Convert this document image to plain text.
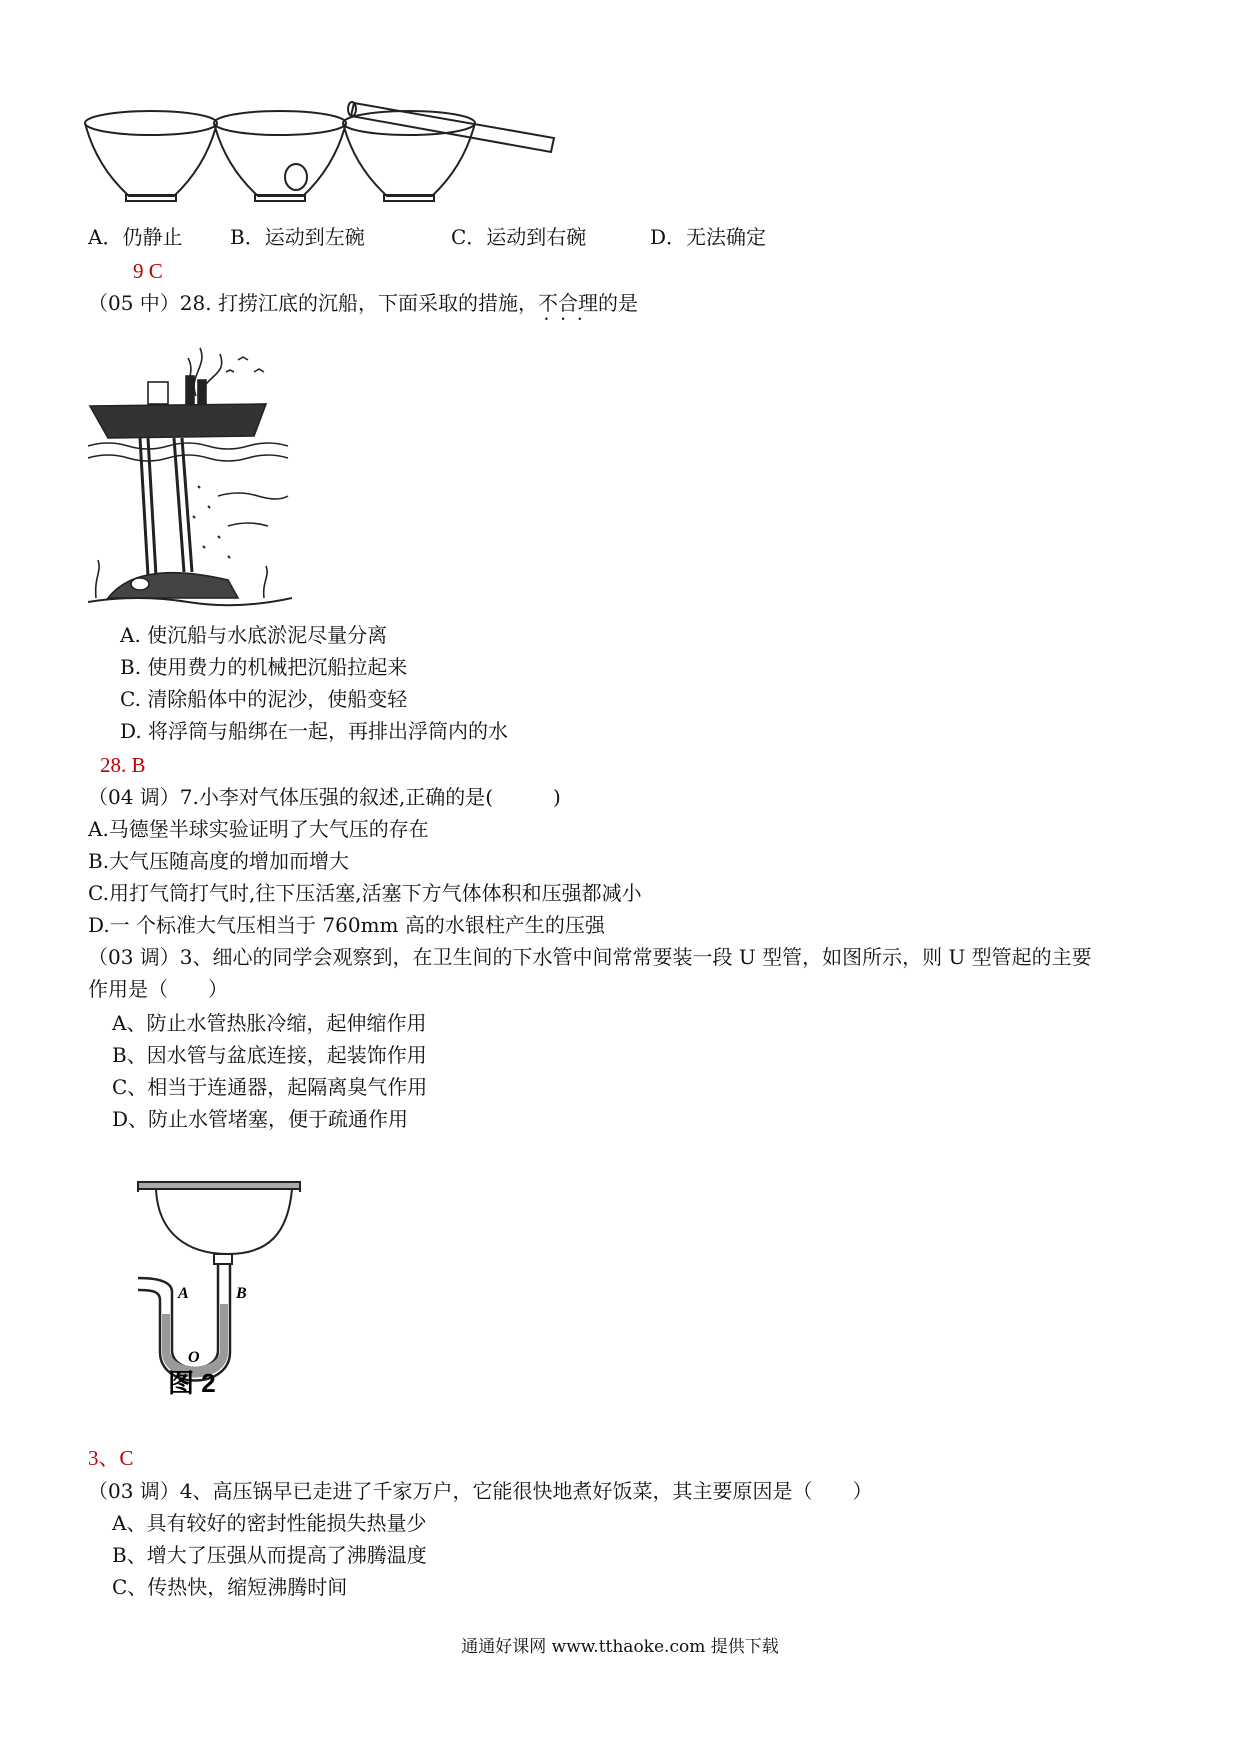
A．仍静止 B．运动到左碗	C．运动到右碗	D．无法确定
9 C
（05 中）28. 打捞江底的沉船，下面采取的措施，不合理 •••的是
A. 使沉船与水底淤泥尽量分离
B. 使用费力的机械把沉船拉起来
C. 清除船体中的泥沙，使船变轻
D. 将浮筒与船绑在一起，再排出浮筒内的水
28. B
（04 调）7.小李对气体压强的叙述,正确的是(　　　)
A.马德堡半球实验证明了大气压的存在
B.大气压随高度的增加而增大
C.用打气筒打气时,往下压活塞,活塞下方气体体积和压强都减小
D.一 个标准大气压相当于 760mm 高的水银柱产生的压强
（03 调）3、细心的同学会观察到，在卫生间的下水管中间常常要装一段 U 型管，如图所示，则 U 型管起的主要
作用是（　　）
A、防止水管热胀冷缩，起伸缩作用
B、因水管与盆底连接，起装饰作用
C、相当于连通器，起隔离臭气作用
D、防止水管堵塞，便于疏通作用
A	B
O
图 2
3、C
（03 调）4、高压锅早已走进了千家万户，它能很快地煮好饭菜，其主要原因是（　　）
A、具有较好的密封性能损失热量少
B、增大了压强从而提高了沸腾温度
C、传热快，缩短沸腾时间
通通好课网 www.tthaoke.com 提供下载
